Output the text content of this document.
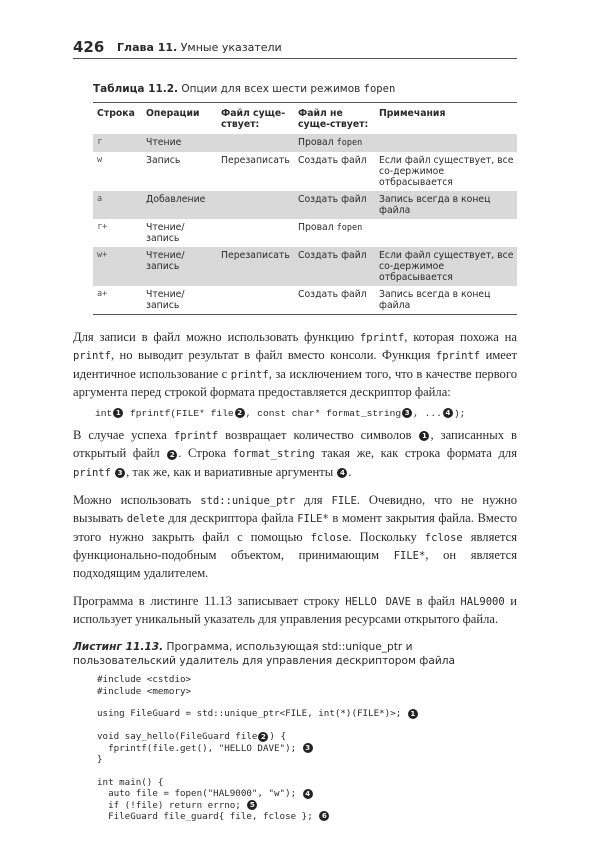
426 Глава 11. Умные указатели
Таблица 11.2. Опции для всех шести режимов fopen
Строка	Операции	Файл суще-ствует:	Файл не суще-ствует:	Примечания
r	Чтение		Провал fopen	
w	Запись	Перезаписать	Создать файл	Если файл существует, все со-держимое отбрасывается
a	Добавление		Создать файл	Запись всегда в конец файла
r+	Чтение/запись		Провал fopen	
w+	Чтение/запись	Перезаписать	Создать файл	Если файл существует, все со-держимое отбрасывается
a+	Чтение/запись		Создать файл	Запись всегда в конец файла
Для записи в файл можно использовать функцию fprintf, которая похожа на printf, но выводит результат в файл вместо консоли. Функция fprintf имеет идентичное использование с printf, за исключением того, что в качестве первого аргумента перед строкой формата предоставляется дескриптор файла:
int 1 fprintf(FILE* file 2 , const char* format_string 3 , ... 4 );
В случае успеха fprintf возвращает количество символов 1 , записанных в открытый файл 2 . Строка format_string такая же, как строка формата для printf 3 , так же, как и вариативные аргументы 4 .
Можно использовать std::unique_ptr для FILE. Очевидно, что не нужно вызывать delete для дескриптора файла FILE* в момент закрытия файла. Вместо этого нужно закрыть файл с помощью fclose. Поскольку fclose является функционально-подобным объектом, принимающим FILE*, он является подходящим удалителем.
Программа в листинге 11.13 записывает строку HELLO DAVE в файл HAL9000 и использует уникальный указатель для управления ресурсами открытого файла.
Листинг 11.13. Программа, использующая std::unique_ptr и пользовательский удалитель для управления дескриптором файла
#include <cstdio>
#include <memory>
using FileGuard = std::unique_ptr<FILE, int(*)(FILE*)>; 1
void say_hello(FileGuard file 2 ) {
fprintf(file.get(), "HELLO DAVE"); 3
}
int main() {
auto file = fopen("HAL9000", "w"); 4
if (!file) return errno; 5
FileGuard file_guard{ file, fclose }; 6
